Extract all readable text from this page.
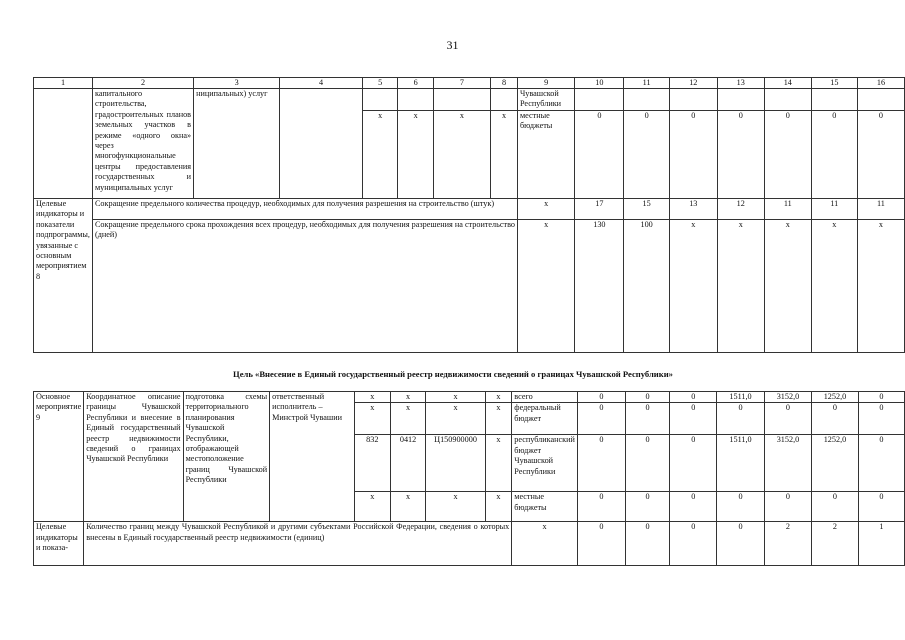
31
1	2	3	4	5	6	7	8	9	10	11	12	13	14	15	16
	капитального строительства, градостроительных планов земельных участков в режиме «одного окна» через многофункциональные центры предоставления государственных и муниципальных услуг	ниципальных) услуг						Чувашской Республики							
				x	x	x	x	местные бюджеты	0	0	0	0	0	0	0
Целевые индикаторы и показатели подпрограммы, увязанные с основным мероприятием 8	Сокращение предельного количества процедур, необходимых для получения разрешения на строительство (штук)							x	17	15	13	12	11	11	11
	Сокращение предельного срока прохождения всех процедур, необходимых для получения разрешения на строительство (дней)							x	130	100	x	x	x	x	x
Цель «Внесение в Единый государственный реестр недвижимости сведений о границах Чувашской Республики»
Основное мероприятие 9	Координатное описание границы Чувашской Республики и внесение в Единый государственный реестр недвижимости сведений о границах Чувашской Республики	подготовка схемы территориального планирования Чувашской Республики, отображающей местоположение границ Чувашской Республики	ответственный исполнитель – Минстрой Чувашии	x	x	x	x	всего	0	0	0	1511,0	3152,0	1252,0	0
				x	x	x	x	федеральный бюджет	0	0	0	0	0	0	0
				832	0412	Ц150900000	x	республиканский бюджет Чувашской Республики	0	0	0	1511,0	3152,0	1252,0	0
				x	x	x	x	местные бюджеты	0	0	0	0	0	0	0
Целевые индикаторы и показа-	Количество границ между Чувашской Республикой и другими субъектами Российской Федерации, сведения о которых внесены в Единый государственный реестр недвижимости (единиц)							x	0	0	0	0	2	2	1
